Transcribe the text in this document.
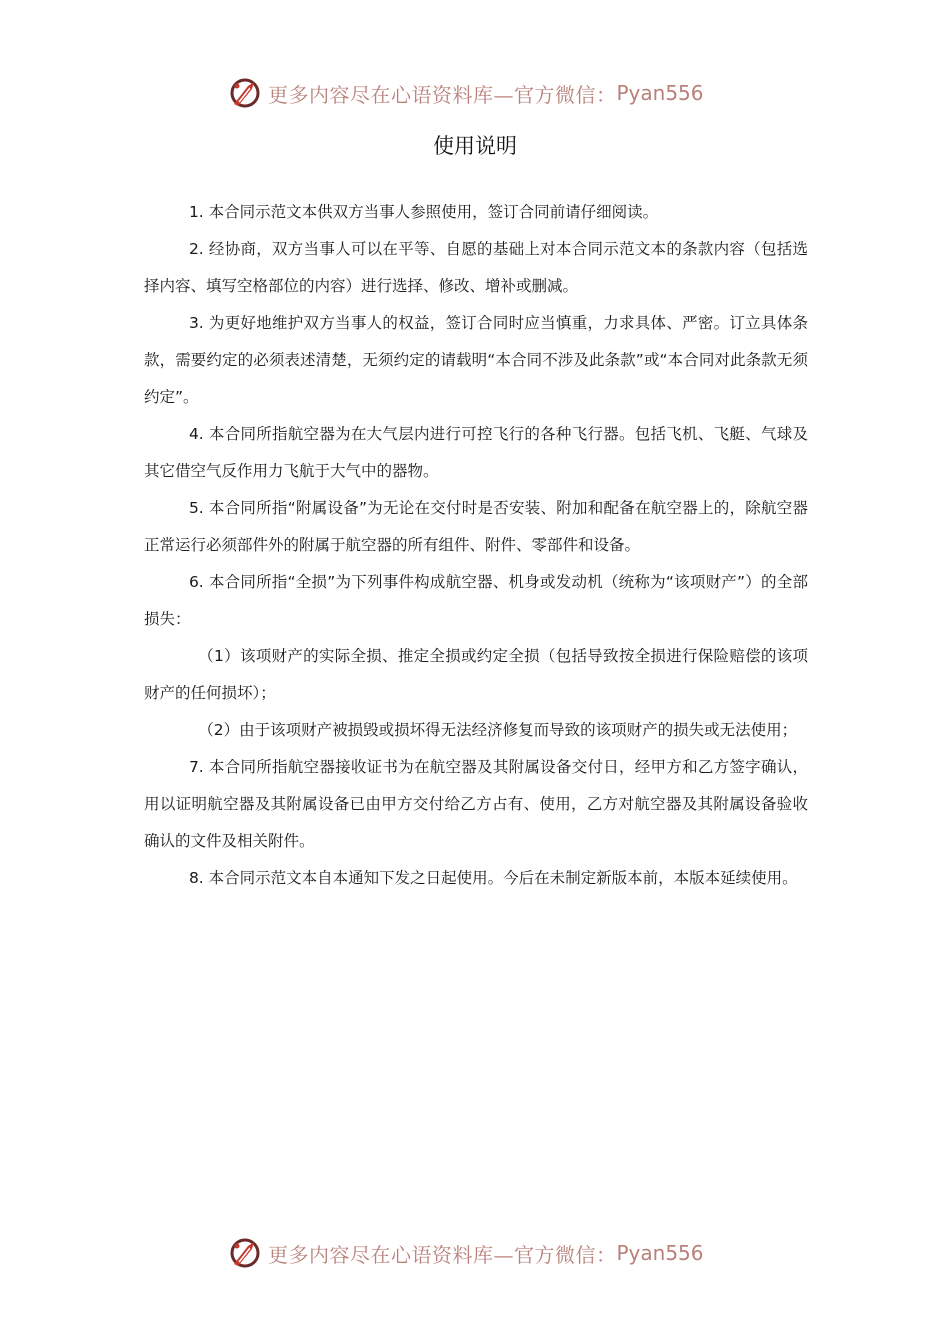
更多内容尽在心语资料库—官方微信： Pyan556
使用说明

1. 本合同示范文本供双方当事人参照使用，签订合同前请仔细阅读。

2. 经协商，双方当事人可以在平等、自愿的基础上对本合同示范文本的条款内容（包括选择内容、填写空格部位的内容）进行选择、修改、增补或删减。

3. 为更好地维护双方当事人的权益，签订合同时应当慎重，力求具体、严密。订立具体条款，需要约定的必须表述清楚，无须约定的请载明“本合同不涉及此条款”或“本合同对此条款无须约定”。

4. 本合同所指航空器为在大气层内进行可控飞行的各种飞行器。包括飞机、飞艇、气球及其它借空气反作用力飞航于大气中的器物。

5. 本合同所指“附属设备”为无论在交付时是否安装、附加和配备在航空器上的，除航空器正常运行必须部件外的附属于航空器的所有组件、附件、零部件和设备。

6. 本合同所指“全损”为下列事件构成航空器、机身或发动机（统称为“该项财产”）的全部损失：

（1）该项财产的实际全损、推定全损或约定全损（包括导致按全损进行保险赔偿的该项财产的任何损坏）；

（2）由于该项财产被损毁或损坏得无法经济修复而导致的该项财产的损失或无法使用；

7. 本合同所指航空器接收证书为在航空器及其附属设备交付日，经甲方和乙方签字确认，用以证明航空器及其附属设备已由甲方交付给乙方占有、使用，乙方对航空器及其附属设备验收确认的文件及相关附件。

8. 本合同示范文本自本通知下发之日起使用。今后在未制定新版本前，本版本延续使用。

更多内容尽在心语资料库—官方微信： Pyan556
